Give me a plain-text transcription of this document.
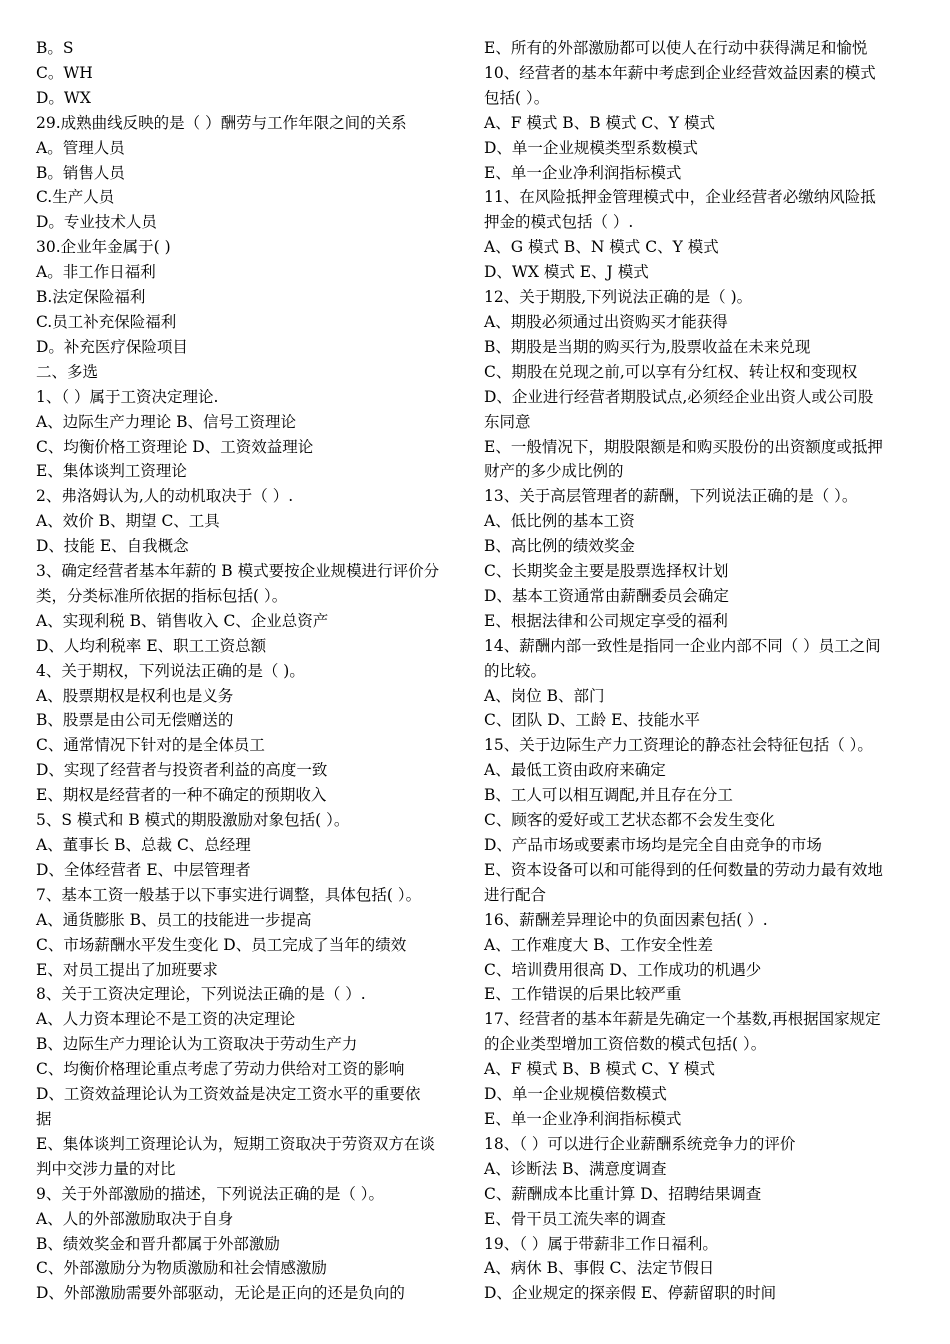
B。S
C。WH
D。WX
29.成熟曲线反映的是（ ）酬劳与工作年限之间的关系
A。管理人员
B。销售人员
C.生产人员
D。专业技术人员
30.企业年金属于( )
A。非工作日福利
B.法定保险福利
C.员工补充保险福利
D。补充医疗保险项目
二、多选
1、（ ）属于工资决定理论.
A、边际生产力理论 B、信号工资理论
C、均衡价格工资理论 D、工资效益理论
E、集体谈判工资理论
2、弗洛姆认为,人的动机取决于（ ）.
A、效价 B、期望 C、工具
D、技能 E、自我概念
3、确定经营者基本年薪的 B 模式要按企业规模进行评价分
类，分类标准所依据的指标包括( ）。
A、实现利税 B、销售收入 C、企业总资产
D、人均利税率 E、职工工资总额
4、关于期权，下列说法正确的是（ )。
A、股票期权是权利也是义务
B、股票是由公司无偿赠送的
C、通常情况下针对的是全体员工
D、实现了经营者与投资者利益的高度一致
E、期权是经营者的一种不确定的预期收入
5、S 模式和 B 模式的期股激励对象包括( ）。
A、董事长 B、总裁 C、总经理
D、全体经营者 E、中层管理者
7、基本工资一般基于以下事实进行调整，具体包括( ）。
A、通货膨胀 B、员工的技能进一步提高
C、市场薪酬水平发生变化 D、员工完成了当年的绩效
E、对员工提出了加班要求
8、关于工资决定理论，下列说法正确的是（ ）.
A、人力资本理论不是工资的决定理论
B、边际生产力理论认为工资取决于劳动生产力
C、均衡价格理论重点考虑了劳动力供给对工资的影响
D、工资效益理论认为工资效益是决定工资水平的重要依
据
E、集体谈判工资理论认为，短期工资取决于劳资双方在谈
判中交涉力量的对比
9、关于外部激励的描述，下列说法正确的是（ ）。
A、人的外部激励取决于自身
B、绩效奖金和晋升都属于外部激励
C、外部激励分为物质激励和社会情感激励
D、外部激励需要外部驱动，无论是正向的还是负向的
E、所有的外部激励都可以使人在行动中获得满足和愉悦
10、经营者的基本年薪中考虑到企业经营效益因素的模式
包括( ）。
A、F 模式 B、B 模式 C、Y 模式
D、单一企业规模类型系数模式
E、单一企业净利润指标模式
11、在风险抵押金管理模式中，企业经营者必缴纳风险抵
押金的模式包括（ ）.
A、G 模式 B、N 模式 C、Y 模式
D、WX 模式 E、J 模式
12、关于期股,下列说法正确的是（ )。
A、期股必须通过出资购买才能获得
B、期股是当期的购买行为,股票收益在未来兑现
C、期股在兑现之前,可以享有分红权、转让权和变现权
D、企业进行经营者期股试点,必须经企业出资人或公司股
东同意
E、一般情况下，期股限额是和购买股份的出资额度或抵押
财产的多少成比例的
13、关于高层管理者的薪酬，下列说法正确的是（ ）。
A、低比例的基本工资
B、高比例的绩效奖金
C、长期奖金主要是股票选择权计划
D、基本工资通常由薪酬委员会确定
E、根据法律和公司规定享受的福利
14、薪酬内部一致性是指同一企业内部不同（ ）员工之间
的比较。
A、岗位 B、部门
C、团队 D、工龄 E、技能水平
15、关于边际生产力工资理论的静态社会特征包括（ ）。
A、最低工资由政府来确定
B、工人可以相互调配,并且存在分工
C、顾客的爱好或工艺状态都不会发生变化
D、产品市场或要素市场均是完全自由竞争的市场
E、资本设备可以和可能得到的任何数量的劳动力最有效地
进行配合
16、薪酬差异理论中的负面因素包括( ）.
A、工作难度大 B、工作安全性差
C、培训费用很高 D、工作成功的机遇少
E、工作错误的后果比较严重
17、经营者的基本年薪是先确定一个基数,再根据国家规定
的企业类型增加工资倍数的模式包括( ）。
A、F 模式 B、B 模式 C、Y 模式
D、单一企业规模倍数模式
E、单一企业净利润指标模式
18、（ ）可以进行企业薪酬系统竞争力的评价
A、诊断法 B、满意度调查
C、薪酬成本比重计算 D、招聘结果调查
E、骨干员工流失率的调查
19、（ ）属于带薪非工作日福利。
A、病休 B、事假 C、法定节假日
D、企业规定的探亲假 E、停薪留职的时间
